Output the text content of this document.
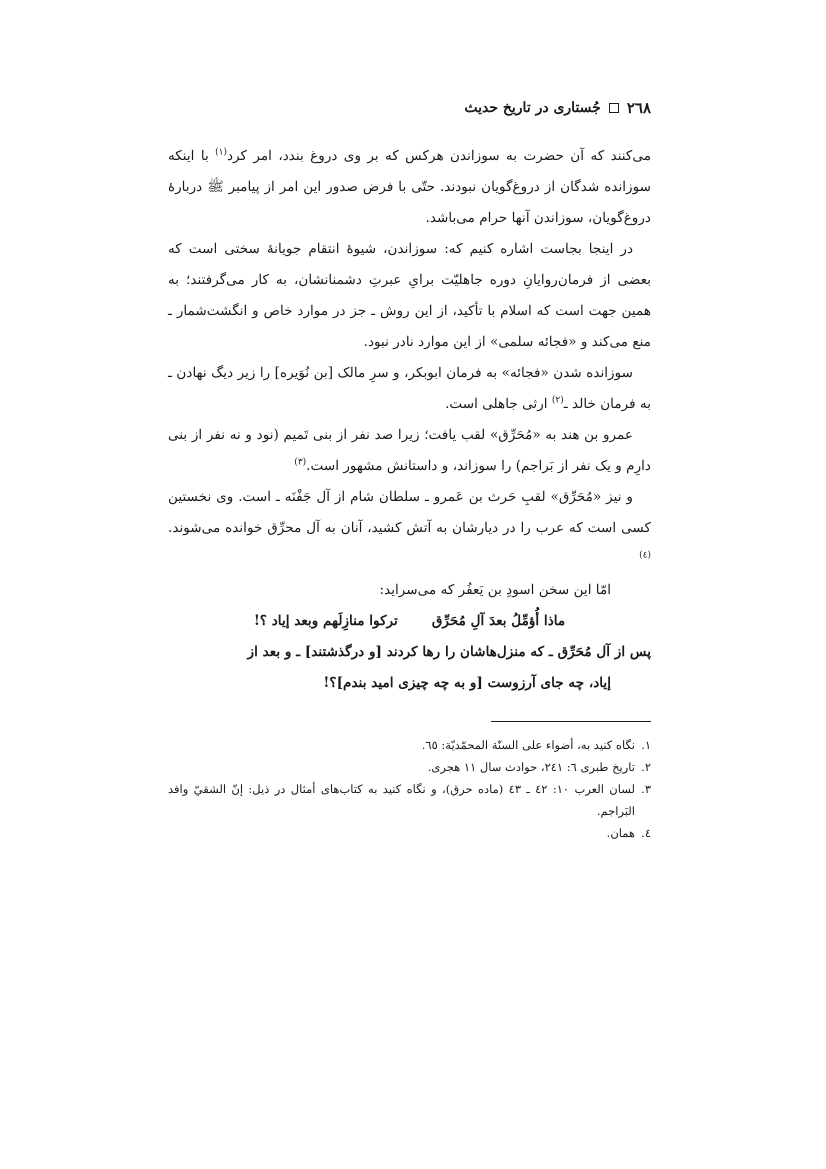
٢٦٨
جُستاری در تاریخ حدیث

می‌کنند که آن حضرت به سوزاندن هرکس که بر وی دروغ بندد، امر کرد$^{(١)}$ با اینکه سوزانده شدگان از دروغ‌گویان نبودند. حتّی با فرض صدور این امر از پیامبر ﷺ دربارهٔ دروغ‌گویان، سوزاندن آنها حرام می‌باشد.

در اینجا بجاست اشاره کنیم که: سوزاندن، شیوهٔ انتقام جویانهٔ سختی است که بعضی از فرمان‌روایانِ دوره جاهلیّت برایِ عبرتِ دشمنانشان، به کار می‌گرفتند؛ به همین جهت است که اسلام با تأکید، از این روش ـ جز در موارد خاص و انگشت‌شمار ـ منع می‌کند و «فجائه سلمی» از این موارد نادر نبود.

سوزانده شدن «فجائه» به فرمان ابوبکر، و سرِ مالک [بن نُوَیره] را زیر دیگ نهادن ـ به فرمان خالد ـ$^{(٢)}$ ارثی جاهلی است.

عمرو بن هند به «مُحَرِّق» لقب یافت؛ زیرا صد نفر از بنی تَمیم (نود و نه نفر از بنی دارِم و یک نفر از بَراجم) را سوزاند، و داستانش مشهور است.$^{(٣)}$

و نیز «مُحَرِّق» لقبِ حَرث بن عَمرو ـ سلطان شام از آل جَفْنَه ـ است. وی نخستین کسی است که عرب را در دیارشان به آتش کشید، آنان به آل محرِّق خوانده می‌شوند.$^{(٤)}$

امّا این سخن اسودِ بن یَعفُر که می‌سراید:

ماذا أُؤمِّلُ بعدَ آلِ مُحَرِّق
تركوا منازِلَهم وبعد إياد ؟!

پس از آل مُحَرِّق ـ که منزل‌هاشان را رها کردند [و درگذشتند] ـ و بعد از

إیاد، چه جای آرزوست [و به چه چیزی امید بندم]؟!

١.
نگاه کنید به، أضواء علی السنّة المحمّديّة: ٦٥.
٢.
تاریخ طبری ٦: ٢٤١، حوادث سال ١١ هجری.
٣.
لسان العرب ١٠: ٤٢ ـ ٤٣ (ماده حرق)، و نگاه کنید به کتاب‌های أمثال در ذیل: إنّ الشقيّ وافد البَراجم.
٤.
همان.
